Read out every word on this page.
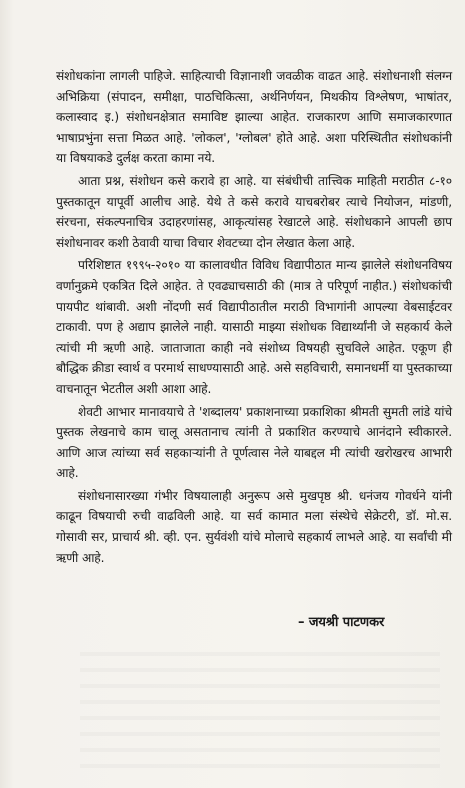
संशोधकांना लागली पाहिजे. साहित्याची विज्ञानाशी जवळीक वाढत आहे. संशोधनाशी संलग्न अभिक्रिया (संपादन, समीक्षा, पाठचिकित्सा, अर्थनिर्णयन, मिथकीय विश्लेषण, भाषांतर, कलास्वाद इ.) संशोधनक्षेत्रात समाविष्ट झाल्या आहेत. राजकारण आणि समाजकारणात भाषाप्रभुंना सत्ता मिळत आहे. 'लोकल', 'ग्लोबल' होते आहे. अशा परिस्थितीत संशोधकांनी या विषयाकडे दुर्लक्ष करता कामा नये.

आता प्रश्न, संशोधन कसे करावे हा आहे. या संबंधीची तात्त्विक माहिती मराठीत ८-१० पुस्तकातून यापूर्वी आलीच आहे. येथे ते कसे करावे याचबरोबर त्याचे नियोजन, मांडणी, संरचना, संकल्पनाचित्र उदाहरणांसह, आकृत्यांसह रेखाटले आहे. संशोधकाने आपली छाप संशोधनावर कशी ठेवावी याचा विचार शेवटच्या दोन लेखात केला आहे.

परिशिष्टात १९९५-२०१० या कालावधीत विविध विद्यापीठात मान्य झालेले संशोधनविषय वर्णानुक्रमे एकत्रित दिले आहेत. ते एवढ्याचसाठी की (मात्र ते परिपूर्ण नाहीत.) संशोधकांची पायपीट थांबावी. अशी नोंदणी सर्व विद्यापीठातील मराठी विभागांनी आपल्या वेबसाईटवर टाकावी. पण हे अद्याप झालेले नाही. यासाठी माझ्या संशोधक विद्यार्थ्यांनी जे सहकार्य केले त्यांची मी ऋणी आहे. जाताजाता काही नवे संशोध्य विषयही सुचविले आहेत. एकूण ही बौद्धिक क्रीडा स्वार्थ व परमार्थ साधण्यासाठी आहे. असे सहविचारी, समानधर्मी या पुस्तकाच्या वाचनातून भेटतील अशी आशा आहे.

शेवटी आभार मानावयाचे ते 'शब्दालय' प्रकाशनाच्या प्रकाशिका श्रीमती सुमती लांडे यांचे पुस्तक लेखनाचे काम चालू असतानाच त्यांनी ते प्रकाशित करण्याचे आनंदाने स्वीकारले. आणि आज त्यांच्या सर्व सहकाऱ्यांनी ते पूर्णत्वास नेले याबद्दल मी त्यांची खरोखरच आभारी आहे.

संशोधनासारख्या गंभीर विषयालाही अनुरूप असे मुखपृष्ठ श्री. धनंजय गोवर्धने यांनी काढून विषयाची रुची वाढविली आहे. या सर्व कामात मला संस्थेचे सेक्रेटरी, डॉ. मो.स. गोसावी सर, प्राचार्य श्री. व्ही. एन. सुर्यवंशी यांचे मोलाचे सहकार्य लाभले आहे. या सर्वांची मी ऋणी आहे.

– जयश्री पाटणकर
